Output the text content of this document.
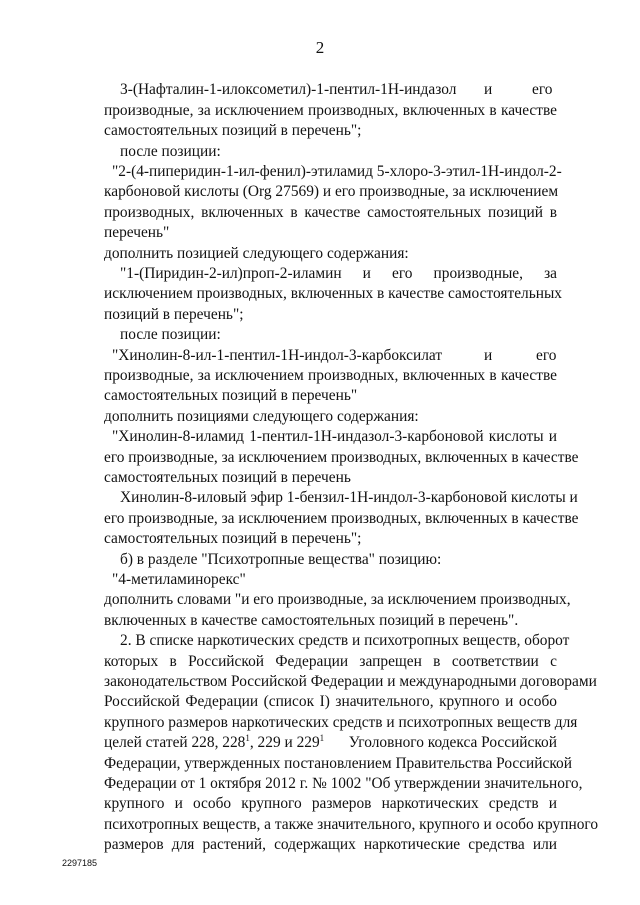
2
3-(Нафталин-1-илоксометил)-1-пентил-1Н-индазол и	его
производные, за исключением производных, включенных в качестве
самостоятельных позиций в перечень";
после позиции:
"2-(4-пиперидин-1-ил-фенил)-этиламид 5-хлоро-3-этил-1Н-индол-2-
карбоновой кислоты (Org 27569) и его производные, за исключением
производных, включенных в качестве самостоятельных позиций в
перечень"
дополнить позицией следующего содержания:
"1-(Пиридин-2-ил)проп-2-иламин и его производные, за
исключением производных, включенных в качестве самостоятельных
позиций в перечень";
после позиции:
"Хинолин-8-ил-1-пентил-1Н-индол-3-карбоксилат	и	его
производные, за исключением производных, включенных в качестве
самостоятельных позиций в перечень"
дополнить позициями следующего содержания:
"Хинолин-8-иламид 1-пентил-1Н-индазол-3-карбоновой кислоты и
его производные, за исключением производных, включенных в качестве
самостоятельных позиций в перечень
Хинолин-8-иловый эфир 1-бензил-1Н-индол-3-карбоновой кислоты и
его производные, за исключением производных, включенных в качестве
самостоятельных позиций в перечень";
б) в разделе "Психотропные вещества" позицию:
"4-метиламинорекс"
дополнить словами "и его производные, за исключением производных,
включенных в качестве самостоятельных позиций в перечень".
2. В списке наркотических средств и психотропных веществ, оборот
которых в Российской Федерации запрещен в соответствии с
законодательством Российской Федерации и международными договорами
Российской Федерации (список I) значительного, крупного и особо
крупного размеров наркотических средств и психотропных веществ для
целей статей 228, $228^1$, 229 и $229^1$ Уголовного кодекса Российской
Федерации, утвержденных постановлением Правительства Российской
Федерации от 1 октября 2012 г. № 1002 "Об утверждении значительного,
крупного и особо крупного размеров наркотических средств и
психотропных веществ, а также значительного, крупного и особо крупного
размеров для растений, содержащих наркотические средства или
2297185
